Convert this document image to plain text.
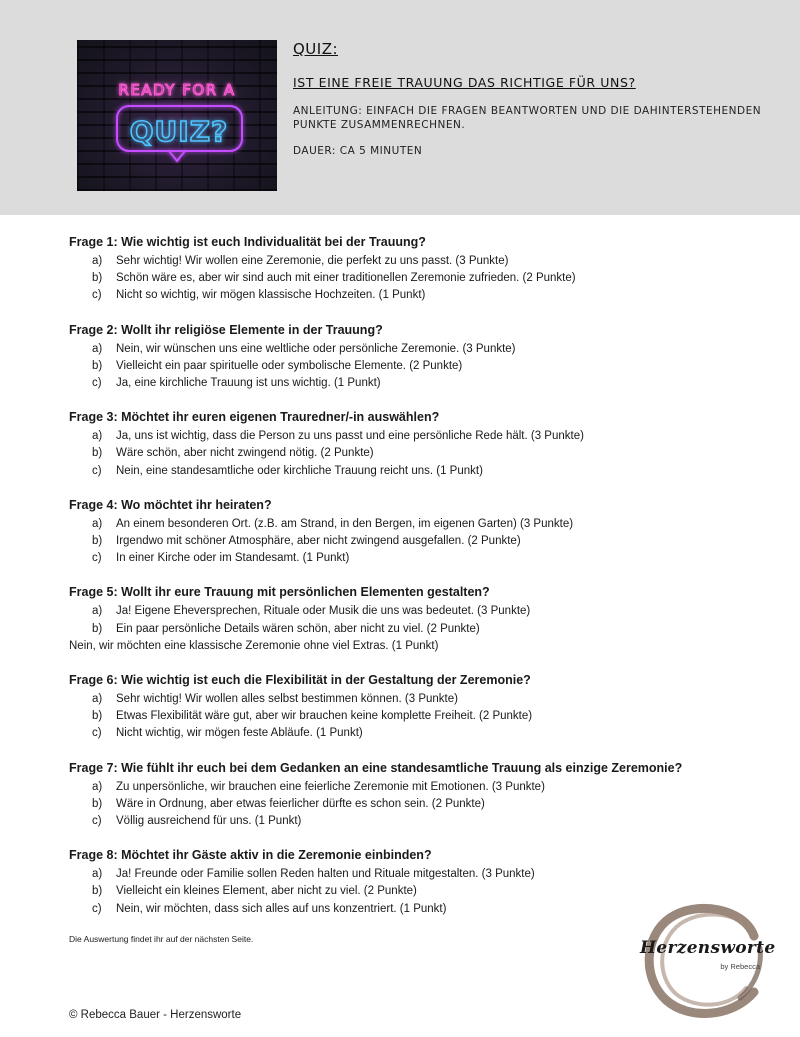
READY FOR A
QUIZ?
QUIZ:
IST EINE FREIE TRAUUNG DAS RICHTIGE FÜR UNS?
ANLEITUNG: EINFACH DIE FRAGEN BEANTWORTEN UND DIE DAHINTERSTEHENDEN PUNKTE ZUSAMMENRECHNEN.
DAUER: CA 5 MINUTEN
Frage 1: Wie wichtig ist euch Individualität bei der Trauung?
a) Sehr wichtig! Wir wollen eine Zeremonie, die perfekt zu uns passt. (3 Punkte)
b) Schön wäre es, aber wir sind auch mit einer traditionellen Zeremonie zufrieden. (2 Punkte)
c) Nicht so wichtig, wir mögen klassische Hochzeiten. (1 Punkt)
Frage 2: Wollt ihr religiöse Elemente in der Trauung?
a) Nein, wir wünschen uns eine weltliche oder persönliche Zeremonie. (3 Punkte)
b) Vielleicht ein paar spirituelle oder symbolische Elemente. (2 Punkte)
c) Ja, eine kirchliche Trauung ist uns wichtig. (1 Punkt)
Frage 3: Möchtet ihr euren eigenen Trauredner/-in auswählen?
a) Ja, uns ist wichtig, dass die Person zu uns passt und eine persönliche Rede hält. (3 Punkte)
b) Wäre schön, aber nicht zwingend nötig. (2 Punkte)
c) Nein, eine standesamtliche oder kirchliche Trauung reicht uns. (1 Punkt)
Frage 4: Wo möchtet ihr heiraten?
a) An einem besonderen Ort. (z.B. am Strand, in den Bergen, im eigenen Garten) (3 Punkte)
b) Irgendwo mit schöner Atmosphäre, aber nicht zwingend ausgefallen. (2 Punkte)
c) In einer Kirche oder im Standesamt. (1 Punkt)
Frage 5: Wollt ihr eure Trauung mit persönlichen Elementen gestalten?
a) Ja! Eigene Eheversprechen, Rituale oder Musik die uns was bedeutet. (3 Punkte)
b) Ein paar persönliche Details wären schön, aber nicht zu viel. (2 Punkte)
Nein, wir möchten eine klassische Zeremonie ohne viel Extras. (1 Punkt)
Frage 6: Wie wichtig ist euch die Flexibilität in der Gestaltung der Zeremonie?
a) Sehr wichtig! Wir wollen alles selbst bestimmen können. (3 Punkte)
b) Etwas Flexibilität wäre gut, aber wir brauchen keine komplette Freiheit. (2 Punkte)
c) Nicht wichtig, wir mögen feste Abläufe. (1 Punkt)
Frage 7: Wie fühlt ihr euch bei dem Gedanken an eine standesamtliche Trauung als einzige Zeremonie?
a) Zu unpersönliche, wir brauchen eine feierliche Zeremonie mit Emotionen. (3 Punkte)
b) Wäre in Ordnung, aber etwas feierlicher dürfte es schon sein. (2 Punkte)
c) Völlig ausreichend für uns. (1 Punkt)
Frage 8: Möchtet ihr Gäste aktiv in die Zeremonie einbinden?
a) Ja! Freunde oder Familie sollen Reden halten und Rituale mitgestalten. (3 Punkte)
b) Vielleicht ein kleines Element, aber nicht zu viel. (2 Punkte)
c) Nein, wir möchten, dass sich alles auf uns konzentriert. (1 Punkt)
Die Auswertung findet ihr auf der nächsten Seite.
© Rebecca Bauer - Herzensworte
Herzensworte
by Rebecca
